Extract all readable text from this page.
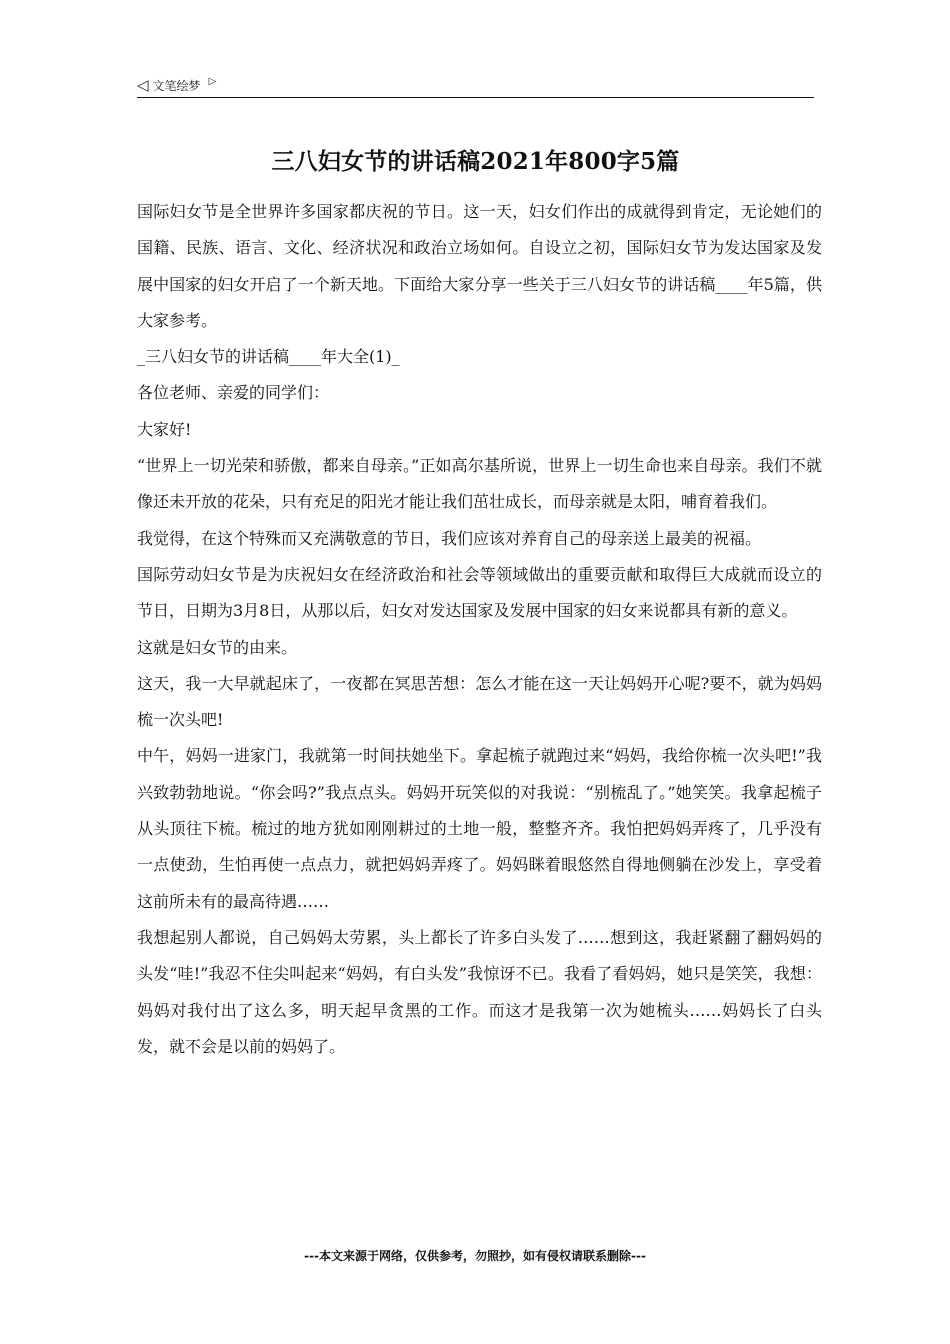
◁ 文笔绘梦 ▷
三八妇女节的讲话稿2021年800字5篇

国际妇女节是全世界许多国家都庆祝的节日。这一天，妇女们作出的成就得到肯定，无论她们的国籍、民族、语言、文化、经济状况和政治立场如何。自设立之初，国际妇女节为发达国家及发展中国家的妇女开启了一个新天地。下面给大家分享一些关于三八妇女节的讲话稿____年5篇，供大家参考。

_三八妇女节的讲话稿____年大全(1)_

各位老师、亲爱的同学们：

大家好!

“世界上一切光荣和骄傲，都来自母亲。”正如高尔基所说，世界上一切生命也来自母亲。我们不就像还未开放的花朵，只有充足的阳光才能让我们茁壮成长，而母亲就是太阳，哺育着我们。

我觉得，在这个特殊而又充满敬意的节日，我们应该对养育自己的母亲送上最美的祝福。

国际劳动妇女节是为庆祝妇女在经济政治和社会等领域做出的重要贡献和取得巨大成就而设立的节日，日期为3月8日，从那以后，妇女对发达国家及发展中国家的妇女来说都具有新的意义。

这就是妇女节的由来。

这天，我一大早就起床了，一夜都在冥思苦想：怎么才能在这一天让妈妈开心呢?要不，就为妈妈梳一次头吧!

中午，妈妈一进家门，我就第一时间扶她坐下。拿起梳子就跑过来“妈妈，我给你梳一次头吧!”我兴致勃勃地说。“你会吗?”我点点头。妈妈开玩笑似的对我说：“别梳乱了。”她笑笑。我拿起梳子从头顶往下梳。梳过的地方犹如刚刚耕过的土地一般，整整齐齐。我怕把妈妈弄疼了，几乎没有一点使劲，生怕再使一点点力，就把妈妈弄疼了。妈妈眯着眼悠然自得地侧躺在沙发上，享受着这前所未有的最高待遇……

我想起别人都说，自己妈妈太劳累，头上都长了许多白头发了……想到这，我赶紧翻了翻妈妈的头发“哇!”我忍不住尖叫起来“妈妈，有白头发”我惊讶不已。我看了看妈妈，她只是笑笑，我想：妈妈对我付出了这么多，明天起早贪黑的工作。而这才是我第一次为她梳头……妈妈长了白头发，就不会是以前的妈妈了。

---本文来源于网络，仅供参考，勿照抄，如有侵权请联系删除---
